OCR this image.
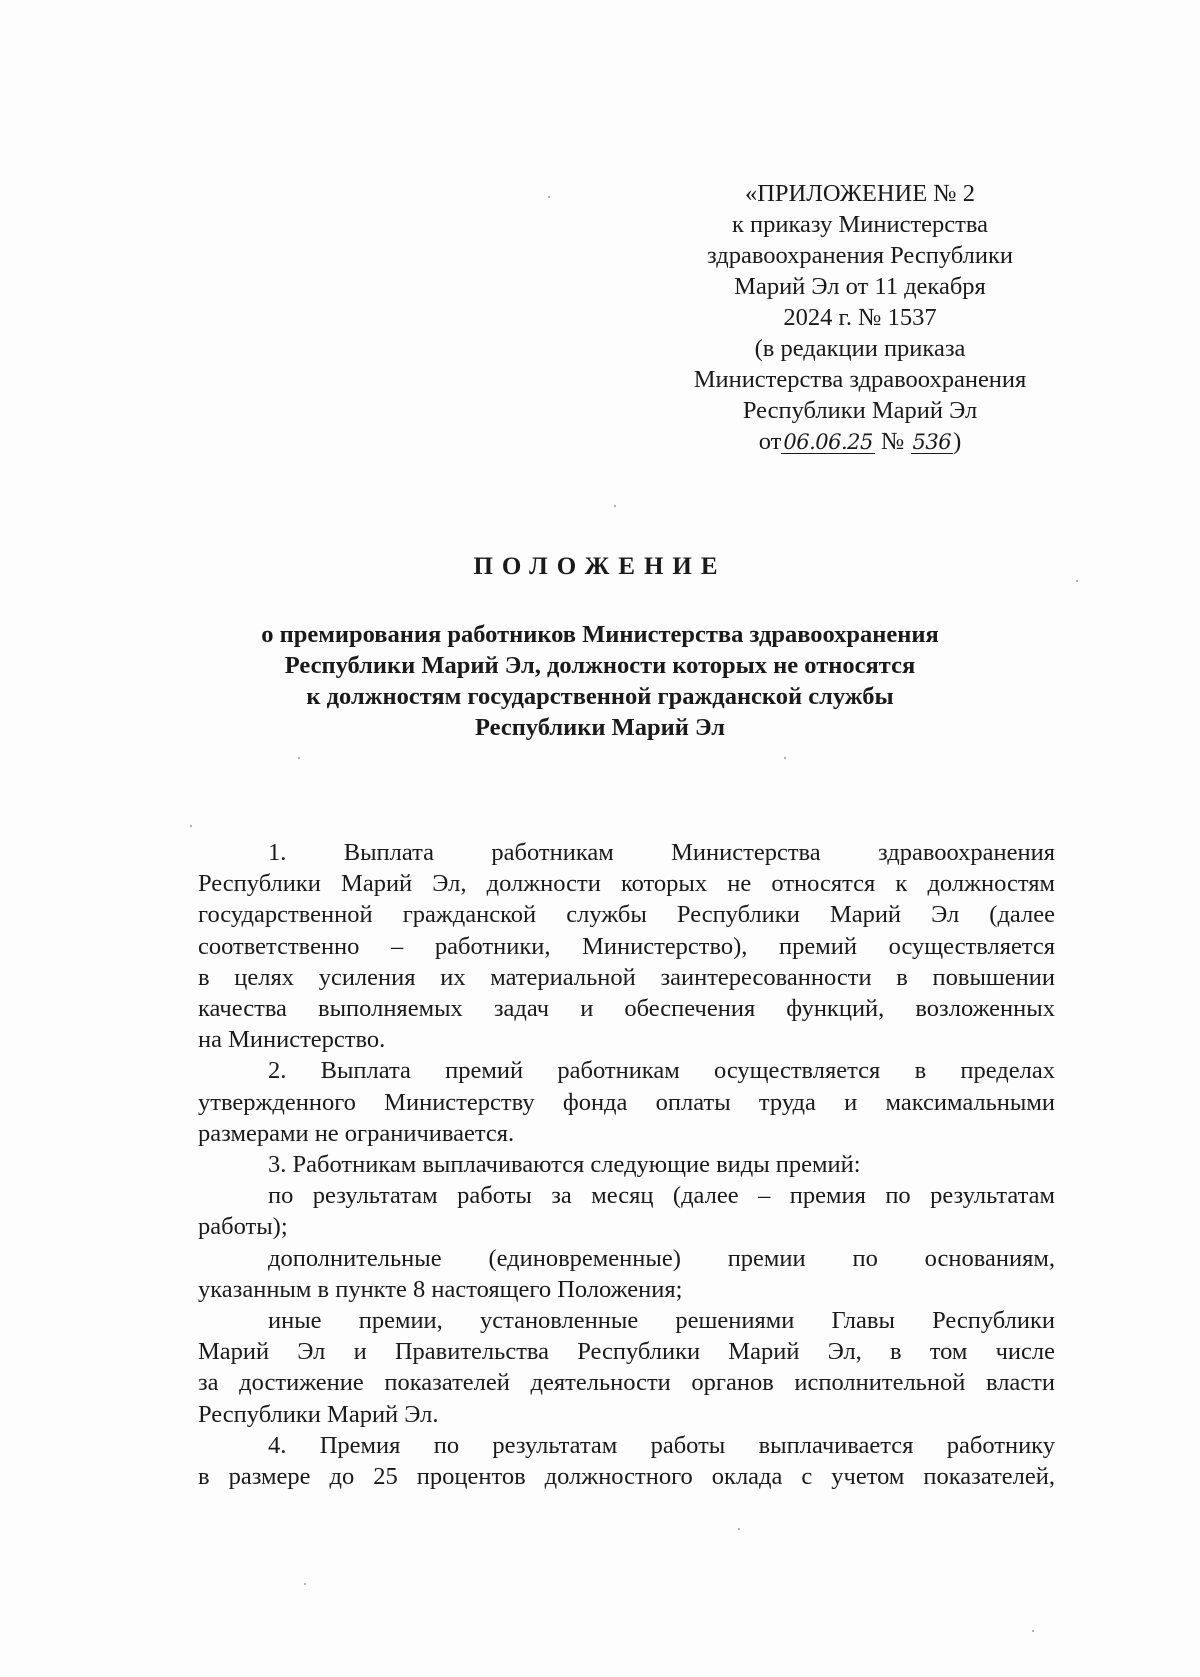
«ПРИЛОЖЕНИЕ № 2
к приказу Министерства
здравоохранения Республики
Марий Эл от 11 декабря
2024 г. № 1537
(в редакции приказа
Министерства здравоохранения
Республики Марий Эл
от06.06.25 № 536)
ПОЛОЖЕНИЕ
о премирования работников Министерства здравоохранения
Республики Марий Эл, должности которых не относятся
к должностям государственной гражданской службы
Республики Марий Эл
1. Выплата работникам Министерства здравоохранения
Республики Марий Эл, должности которых не относятся к должностям
государственной гражданской службы Республики Марий Эл (далее
соответственно – работники, Министерство), премий осуществляется
в целях усиления их материальной заинтересованности в повышении
качества выполняемых задач и обеспечения функций, возложенных
на Министерство.
2. Выплата премий работникам осуществляется в пределах
утвержденного Министерству фонда оплаты труда и максимальными
размерами не ограничивается.
3. Работникам выплачиваются следующие виды премий:
по результатам работы за месяц (далее – премия по результатам
работы);
дополнительные (единовременные) премии по основаниям,
указанным в пункте 8 настоящего Положения;
иные премии, установленные решениями Главы Республики
Марий Эл и Правительства Республики Марий Эл, в том числе
за достижение показателей деятельности органов исполнительной власти
Республики Марий Эл.
4. Премия по результатам работы выплачивается работнику
в размере до 25 процентов должностного оклада с учетом показателей,
